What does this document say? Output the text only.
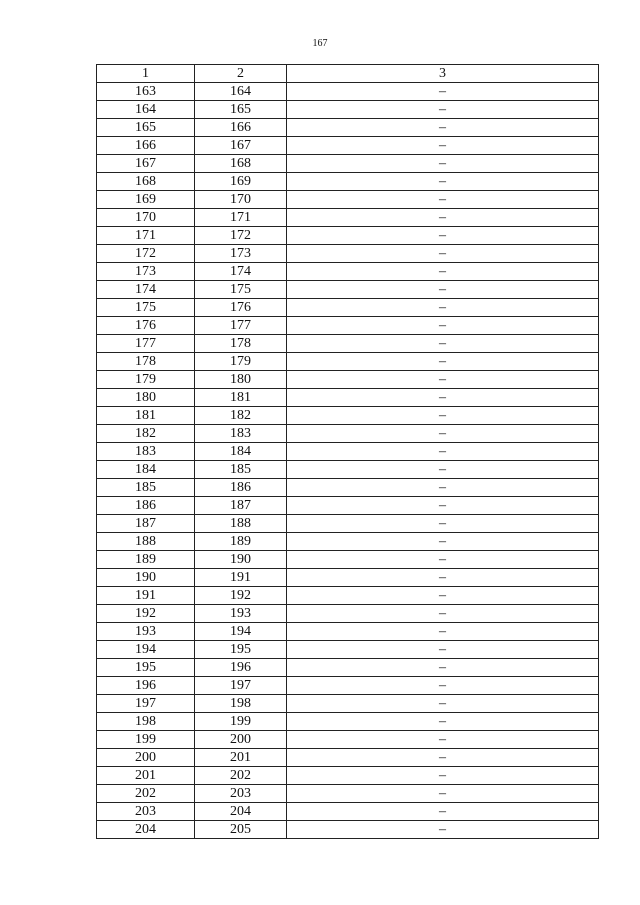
167
1	2	3
163	164	–
164	165	–
165	166	–
166	167	–
167	168	–
168	169	–
169	170	–
170	171	–
171	172	–
172	173	–
173	174	–
174	175	–
175	176	–
176	177	–
177	178	–
178	179	–
179	180	–
180	181	–
181	182	–
182	183	–
183	184	–
184	185	–
185	186	–
186	187	–
187	188	–
188	189	–
189	190	–
190	191	–
191	192	–
192	193	–
193	194	–
194	195	–
195	196	–
196	197	–
197	198	–
198	199	–
199	200	–
200	201	–
201	202	–
202	203	–
203	204	–
204	205	–
